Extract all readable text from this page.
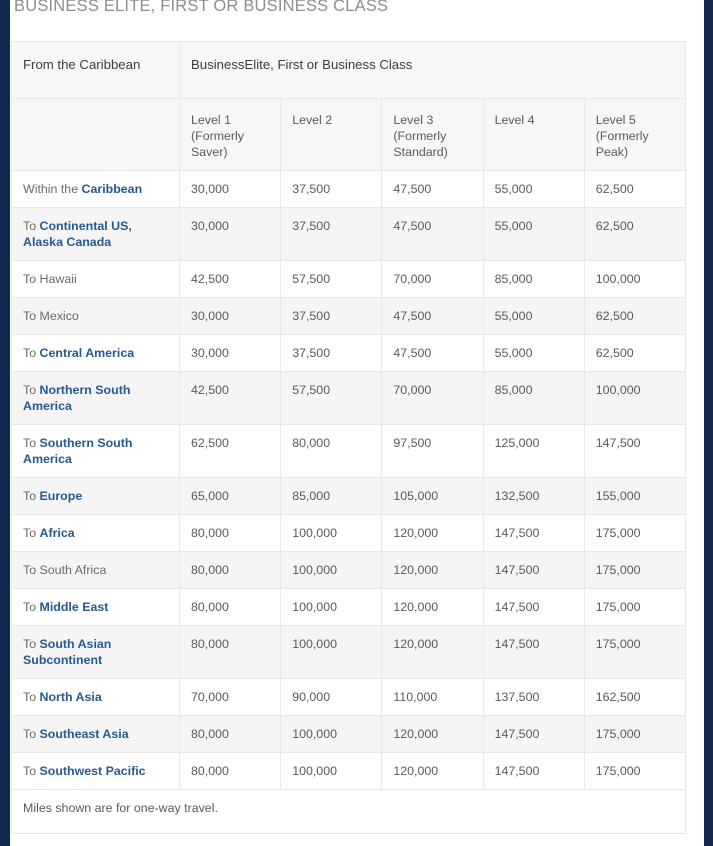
BUSINESS ELITE, FIRST OR BUSINESS CLASS
From the Caribbean	BusinessElite, First or Business Class				
	Level 1 (Formerly Saver)	Level 2	Level 3 (Formerly Standard)	Level 4	Level 5 (Formerly Peak)
Within the Caribbean	30,000	37,500	47,500	55,000	62,500
To Continental US, Alaska Canada	30,000	37,500	47,500	55,000	62,500
To Hawaii	42,500	57,500	70,000	85,000	100,000
To Mexico	30,000	37,500	47,500	55,000	62,500
To Central America	30,000	37,500	47,500	55,000	62,500
To Northern South America	42,500	57,500	70,000	85,000	100,000
To Southern South America	62,500	80,000	97,500	125,000	147,500
To Europe	65,000	85,000	105,000	132,500	155,000
To Africa	80,000	100,000	120,000	147,500	175,000
To South Africa	80,000	100,000	120,000	147,500	175,000
To Middle East	80,000	100,000	120,000	147,500	175,000
To South Asian Subcontinent	80,000	100,000	120,000	147,500	175,000
To North Asia	70,000	90,000	110,000	137,500	162,500
To Southeast Asia	80,000	100,000	120,000	147,500	175,000
To Southwest Pacific	80,000	100,000	120,000	147,500	175,000
Miles shown are for one-way travel.					
